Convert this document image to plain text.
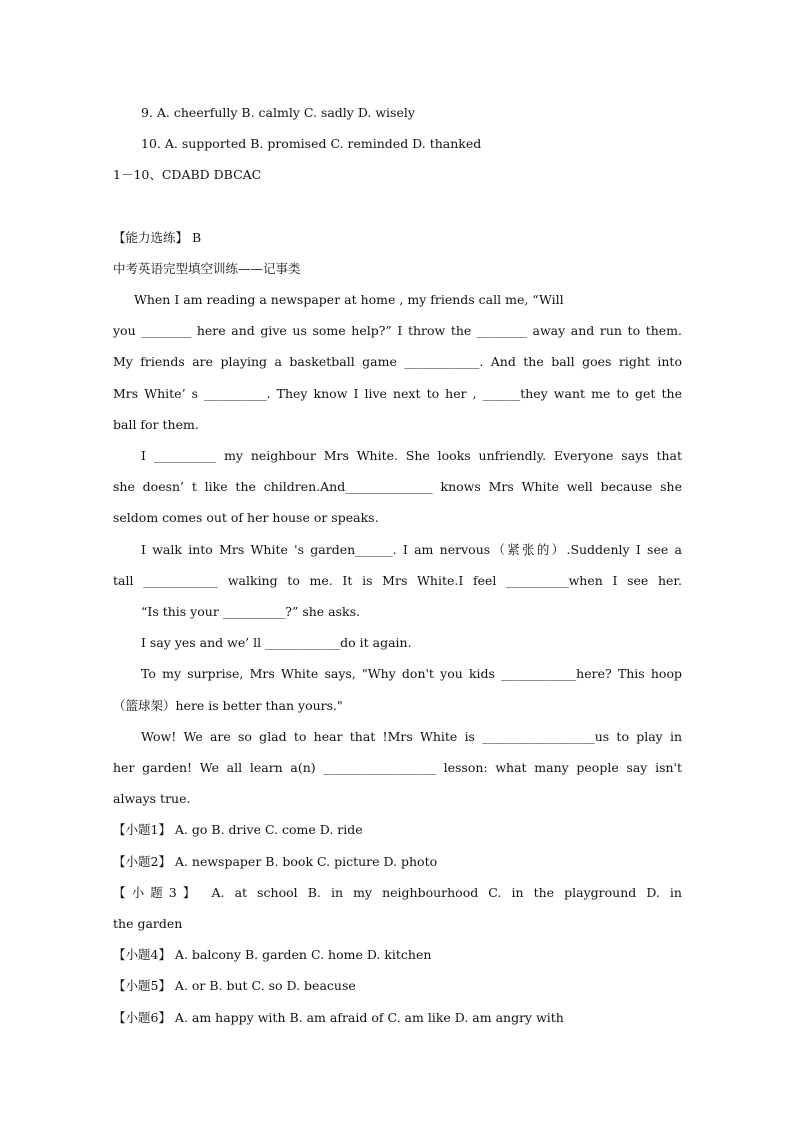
9. A. cheerfully B. calmly C. sadly D. wisely
10. A. supported B. promised C. reminded D. thanked
1－10、CDABD DBCAC
【能力选练】 B
中考英语完型填空训练——记事类
When I am reading a newspaper at home , my friends call me, “Will
you ________ here and give us some help?” I throw the ________ away and run to them.
My friends are playing a basketball game ____________. And the ball goes right into
Mrs White’ s __________. They know I live next to her , ______they want me to get the
ball for them.
I __________ my neighbour Mrs White. She looks unfriendly. Everyone says that
she doesn’ t like the children.And______________ knows Mrs White well because she
seldom comes out of her house or speaks.
I walk into Mrs White 's garden______. I am nervous（紧张的）.Suddenly I see a
tall ____________ walking to me. It is Mrs White.I feel __________when I see her.
“Is this your __________?” she asks.
I say yes and we’ ll ____________do it again.
To my surprise, Mrs White says, "Why don't you kids ____________here? This hoop
（篮球架）here is better than yours."
Wow! We are so glad to hear that !Mrs White is __________________us to play in
her garden! We all learn a(n) __________________ lesson: what many people say isn't
always true.
【小题1】 A. go B. drive C. come D. ride
【小题2】 A. newspaper B. book C. picture D. photo
【小题3】 A. at school B. in my neighbourhood C. in the playground D. in
the garden
【小题4】 A. balcony B. garden C. home D. kitchen
【小题5】 A. or B. but C. so D. beacuse
【小题6】 A. am happy with B. am afraid of C. am like D. am angry with
